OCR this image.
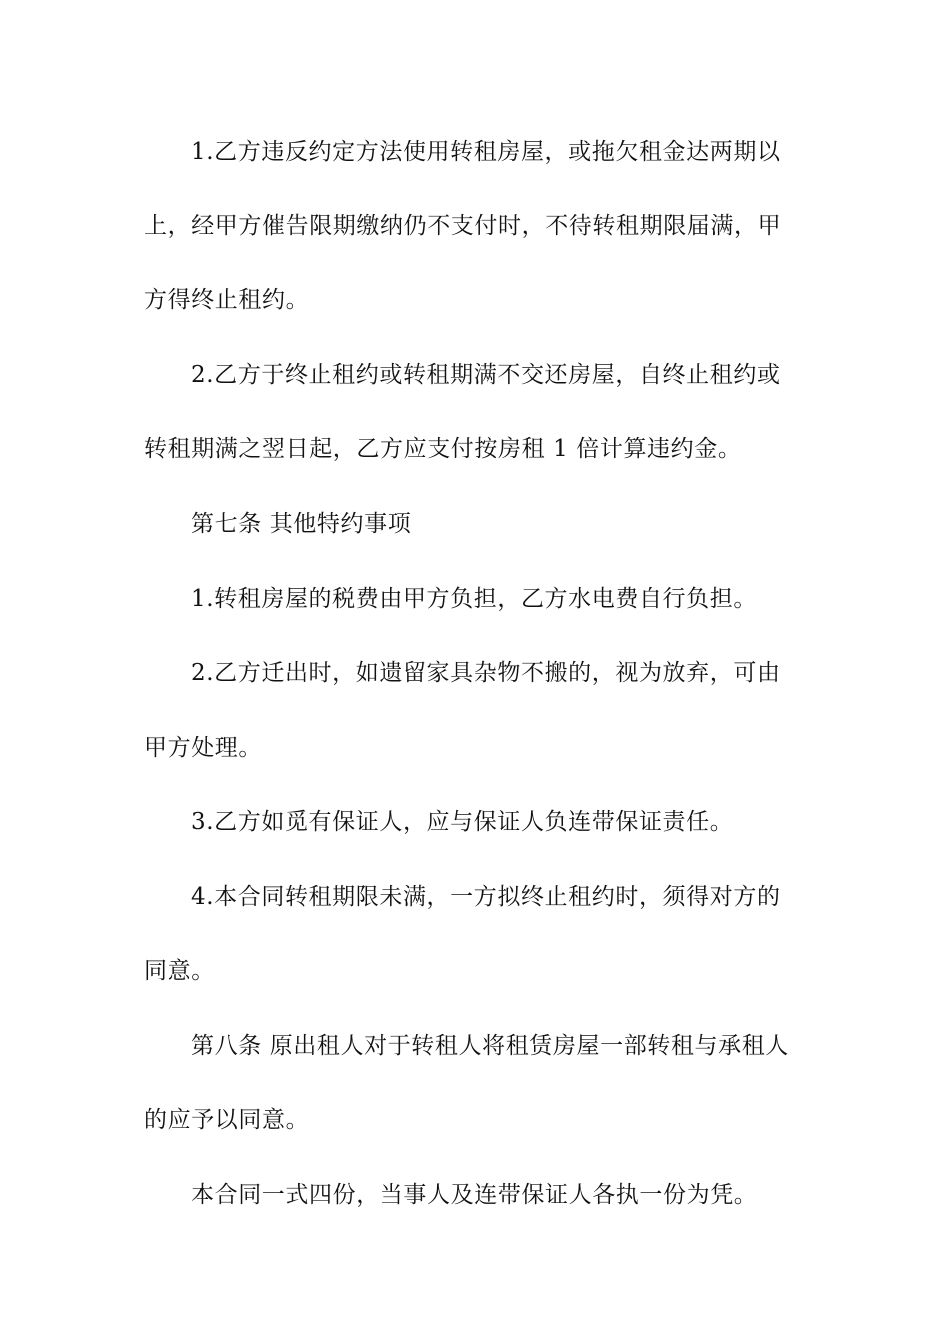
1.乙方违反约定方法使用转租房屋，或拖欠租金达两期以
上，经甲方催告限期缴纳仍不支付时，不待转租期限届满，甲
方得终止租约。
2.乙方于终止租约或转租期满不交还房屋，自终止租约或
转租期满之翌日起，乙方应支付按房租 1 倍计算违约金。
第七条 其他特约事项
1.转租房屋的税费由甲方负担，乙方水电费自行负担。
2.乙方迁出时，如遗留家具杂物不搬的，视为放弃，可由
甲方处理。
3.乙方如觅有保证人，应与保证人负连带保证责任。
4.本合同转租期限未满，一方拟终止租约时，须得对方的
同意。
第八条 原出租人对于转租人将租赁房屋一部转租与承租人
的应予以同意。
本合同一式四份，当事人及连带保证人各执一份为凭。
